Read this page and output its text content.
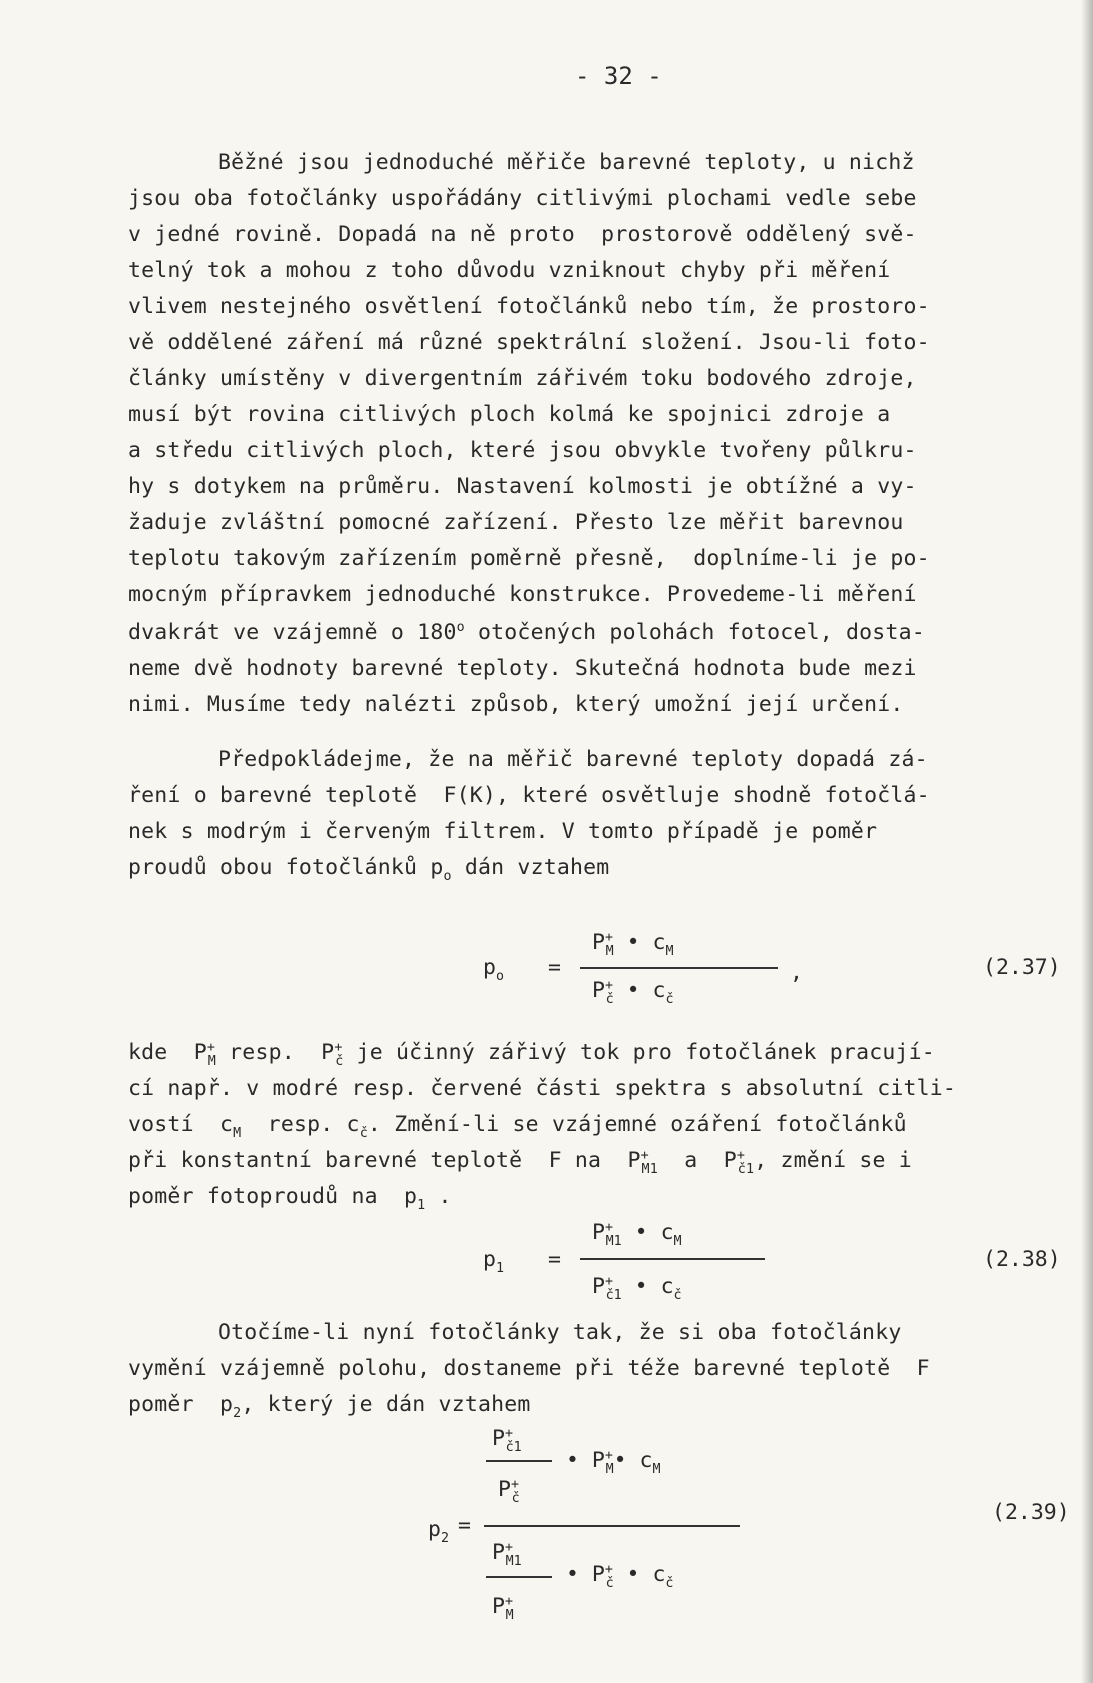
- 32 -
Běžné jsou jednoduché měřiče barevné teploty, u nichž
jsou oba fotočlánky uspořádány citlivými plochami vedle sebe
v jedné rovině. Dopadá na ně proto  prostorově oddělený svě-
telný tok a mohou z toho důvodu vzniknout chyby při měření
vlivem nestejného osvětlení fotočlánků nebo tím, že prostoro-
vě oddělené záření má různé spektrální složení. Jsou-li foto-
články umístěny v divergentním zářivém toku bodového zdroje,
musí být rovina citlivých ploch kolmá ke spojnici zdroje a
a středu citlivých ploch, které jsou obvykle tvořeny půlkru-
hy s dotykem na průměru. Nastavení kolmosti je obtížné a vy-
žaduje zvláštní pomocné zařízení. Přesto lze měřit barevnou
teplotu takovým zařízením poměrně přesně,  doplníme-li je po-
mocným přípravkem jednoduché konstrukce. Provedeme-li měření
dvakrát ve vzájemně o 180$^o$ otočených polohách fotocel, dosta-
neme dvě hodnoty barevné teploty. Skutečná hodnota bude mezi
nimi. Musíme tedy nalézti způsob, který umožní její určení.
Předpokládejme, že na měřič barevné teploty dopadá zá-
ření o barevné teplotě  F(K), které osvětluje shodně fotočlá-
nek s modrým i červeným filtrem. V tomto případě je poměr
proudů obou fotočlánků $p_o$ dán vztahem
$p_o$ =
$P^+_M$ • $c_M$
$P^+_č$ • $c_č$
,	(2.37)
kde  $P^+_M$ resp.  $P^+_č$ je účinný zářivý tok pro fotočlánek pracují-
cí např. v modré resp. červené části spektra s absolutní citli-
vostí  $c_M$  resp. $c_č$. Změní-li se vzájemné ozáření fotočlánků
při konstantní barevné teplotě  F na  $P^+_{M1}$  a  $P^+_{č1}$, změní se i
poměr fotoproudů na  $p_1$ .
$p_1$ =
$P^+_{M1}$ • $c_M$
$P^+_{č1}$ • $c_č$
(2.38)
Otočíme-li nyní fotočlánky tak, že si oba fotočlánky
vymění vzájemně polohu, dostaneme při téže barevné teplotě  F
poměr  $p_2$, který je dán vztahem
$p_2$
=
$P^+_{č1}$
$P^+_č$
• $P^+_M•$ $c_M$
$P^+_{M1}$
$P^+_M$
• $P^+_č$ • $c_č$
(2.39)
